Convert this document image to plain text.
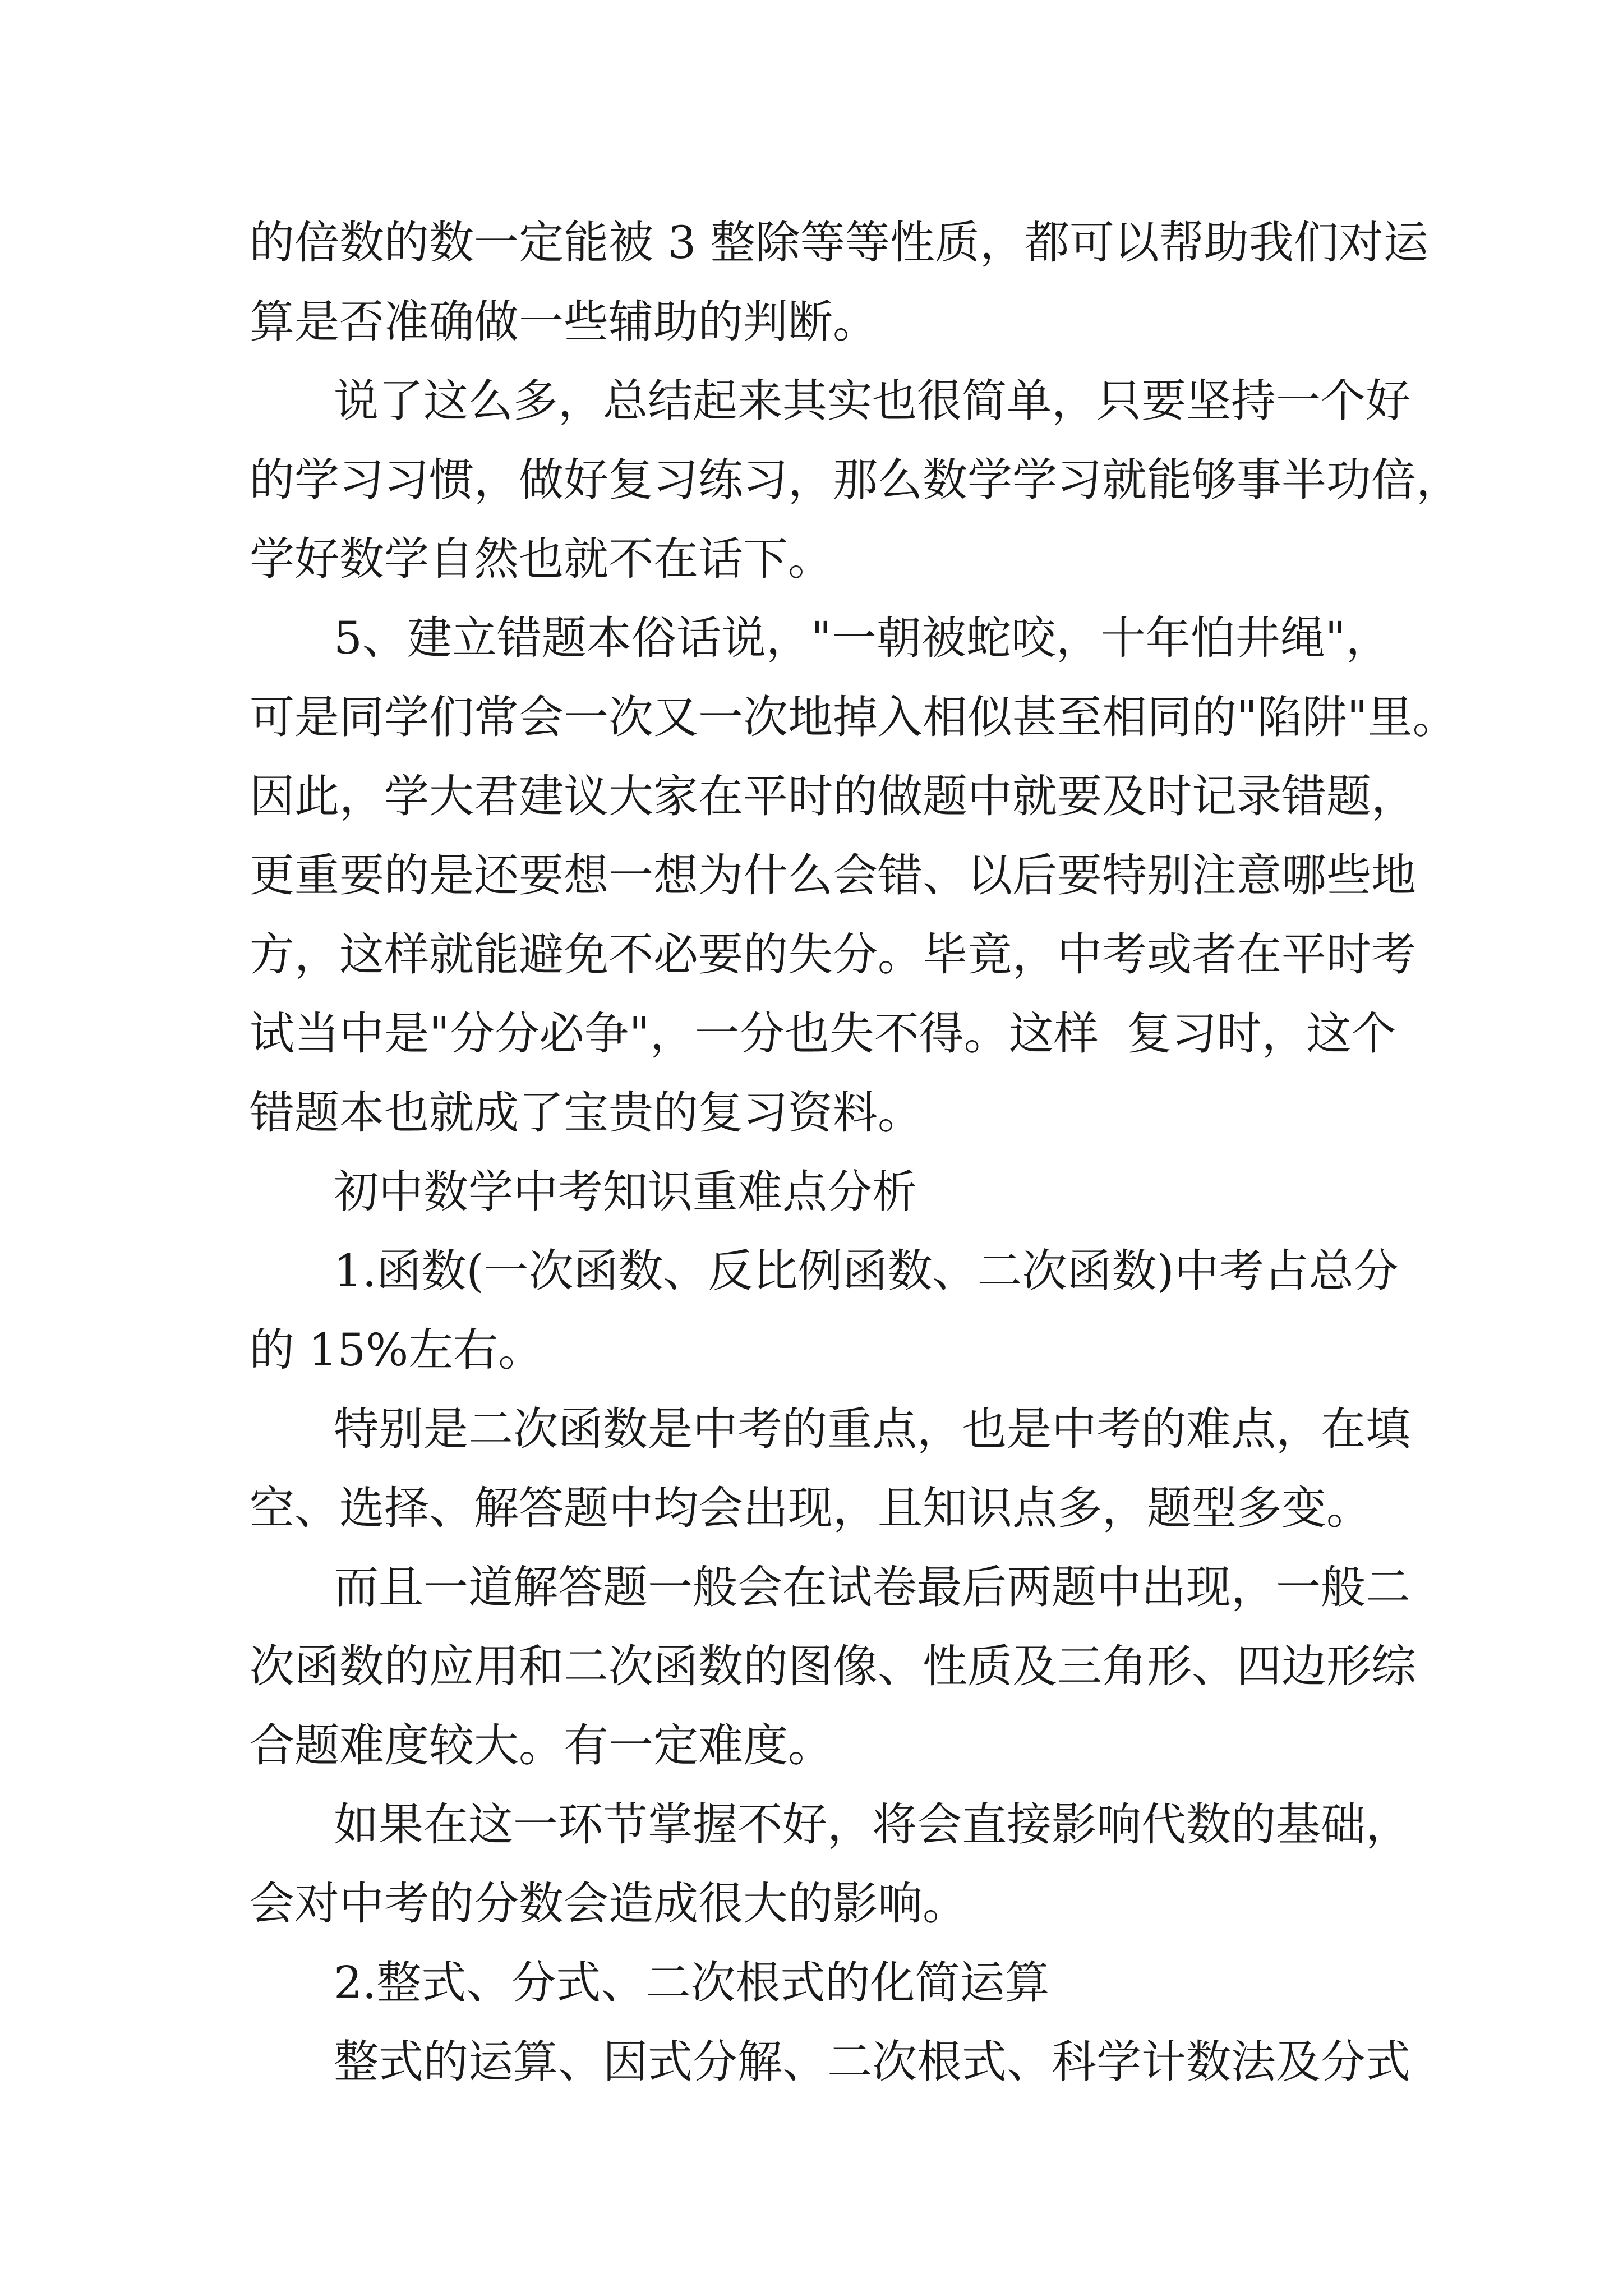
的倍数的数一定能被 3 整除等等性质，都可以帮助我们对运
算是否准确做一些辅助的判断。
说了这么多，总结起来其实也很简单，只要坚持一个好
的学习习惯，做好复习练习，那么数学学习就能够事半功倍，
学好数学自然也就不在话下。
5、建立错题本俗话说，"一朝被蛇咬，十年怕井绳"，
可是同学们常会一次又一次地掉入相似甚至相同的"陷阱"里。
因此，学大君建议大家在平时的做题中就要及时记录错题，
更重要的是还要想一想为什么会错、以后要特别注意哪些地
方，这样就能避免不必要的失分。毕竟，中考或者在平时考
试当中是"分分必争"，一分也失不得。这样  复习时，这个
错题本也就成了宝贵的复习资料。
初中数学中考知识重难点分析
1.函数(一次函数、反比例函数、二次函数)中考占总分
的 15%左右。
特别是二次函数是中考的重点，也是中考的难点，在填
空、选择、解答题中均会出现，且知识点多，题型多变。
而且一道解答题一般会在试卷最后两题中出现，一般二
次函数的应用和二次函数的图像、性质及三角形、四边形综
合题难度较大。有一定难度。
如果在这一环节掌握不好，将会直接影响代数的基础，
会对中考的分数会造成很大的影响。
2.整式、分式、二次根式的化简运算
整式的运算、因式分解、二次根式、科学计数法及分式
